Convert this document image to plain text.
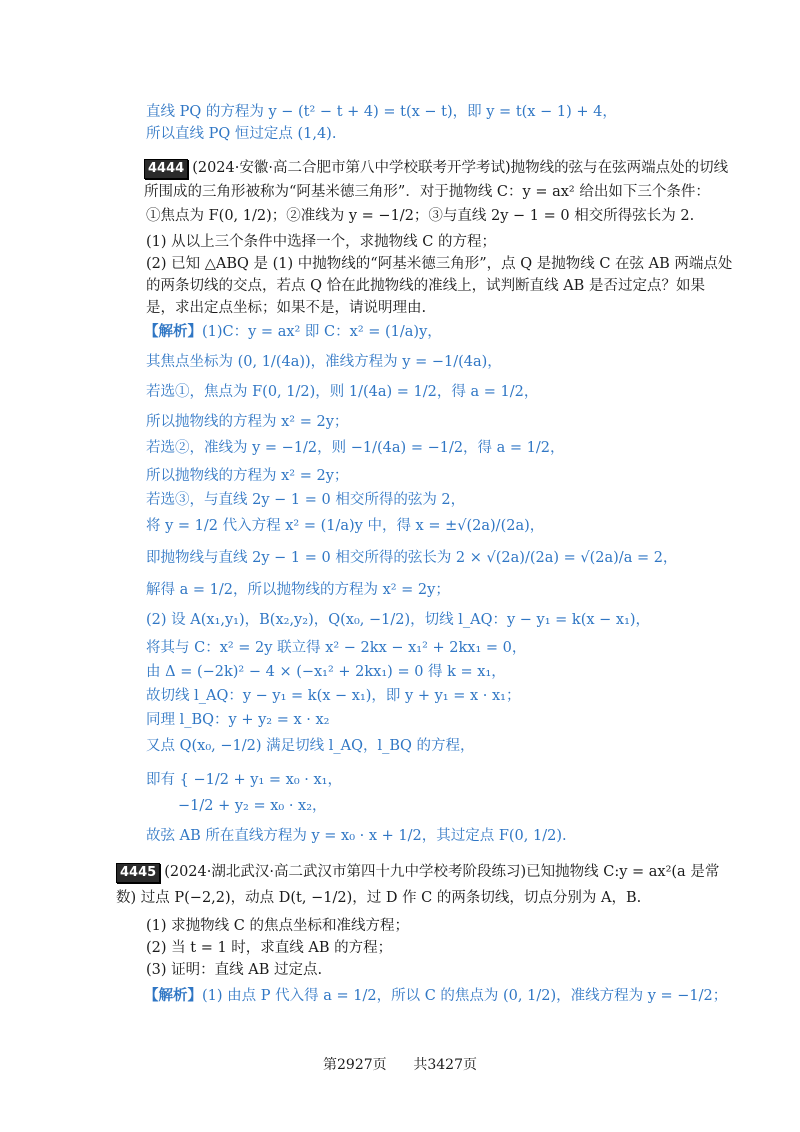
直线 PQ 的方程为 y − (t² − t + 4) = t(x − t)，即 y = t(x − 1) + 4，
所以直线 PQ 恒过定点 (1,4).
4444 (2024·安徽·高二合肥市第八中学校联考开学考试)抛物线的弦与在弦两端点处的切线
所围成的三角形被称为“阿基米德三角形”．对于抛物线 C：y = ax² 给出如下三个条件：
①焦点为 F(0, 1/2)；②准线为 y = −1/2；③与直线 2y − 1 = 0 相交所得弦长为 2.
(1) 从以上三个条件中选择一个，求抛物线 C 的方程；
(2) 已知 △ABQ 是 (1) 中抛物线的“阿基米德三角形”，点 Q 是抛物线 C 在弦 AB 两端点处
的两条切线的交点，若点 Q 恰在此抛物线的准线上，试判断直线 AB 是否过定点？如果
是，求出定点坐标；如果不是，请说明理由.
【解析】(1)C：y = ax² 即 C：x² = (1/a)y，
其焦点坐标为 (0, 1/(4a))，准线方程为 y = −1/(4a)，
若选①，焦点为 F(0, 1/2)，则 1/(4a) = 1/2，得 a = 1/2，
所以抛物线的方程为 x² = 2y；
若选②，准线为 y = −1/2，则 −1/(4a) = −1/2，得 a = 1/2，
所以抛物线的方程为 x² = 2y；
若选③，与直线 2y − 1 = 0 相交所得的弦为 2，
将 y = 1/2 代入方程 x² = (1/a)y 中，得 x = ±√(2a)/(2a)，
即抛物线与直线 2y − 1 = 0 相交所得的弦长为 2 × √(2a)/(2a) = √(2a)/a = 2，
解得 a = 1/2，所以抛物线的方程为 x² = 2y；
(2) 设 A(x₁,y₁)，B(x₂,y₂)，Q(x₀, −1/2)，切线 l_AQ：y − y₁ = k(x − x₁)，
将其与 C：x² = 2y 联立得 x² − 2kx − x₁² + 2kx₁ = 0，
由 Δ = (−2k)² − 4 × (−x₁² + 2kx₁) = 0 得 k = x₁，
故切线 l_AQ：y − y₁ = k(x − x₁)，即 y + y₁ = x · x₁；
同理 l_BQ：y + y₂ = x · x₂
又点 Q(x₀, −1/2) 满足切线 l_AQ，l_BQ 的方程，
即有 { −1/2 + y₁ = x₀ · x₁，
−1/2 + y₂ = x₀ · x₂，
故弦 AB 所在直线方程为 y = x₀ · x + 1/2，其过定点 F(0, 1/2).
4445 (2024·湖北武汉·高二武汉市第四十九中学校考阶段练习)已知抛物线 C:y = ax²(a 是常
数) 过点 P(−2,2)，动点 D(t, −1/2)，过 D 作 C 的两条切线，切点分别为 A，B.
(1) 求抛物线 C 的焦点坐标和准线方程；
(2) 当 t = 1 时，求直线 AB 的方程；
(3) 证明：直线 AB 过定点.
【解析】(1) 由点 P 代入得 a = 1/2，所以 C 的焦点为 (0, 1/2)，准线方程为 y = −1/2；
第2927页 共3427页
